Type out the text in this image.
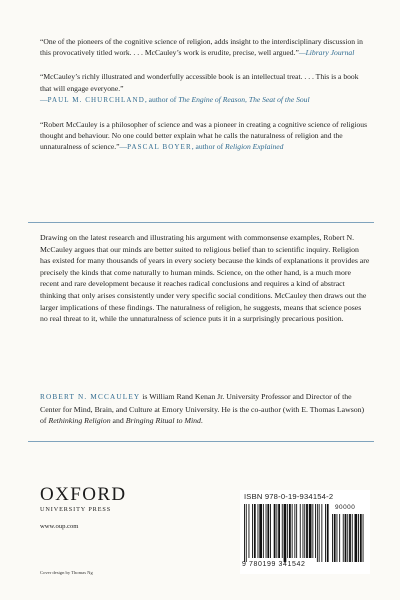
“One of the pioneers of the cognitive science of religion, adds insight to the interdisciplinary discussion in this provocatively titled work. . . . McCauley’s work is erudite, precise, well argued.”—Library Journal

“McCauley’s richly illustrated and wonderfully accessible book is an intellectual treat. . . . This is a book that will engage everyone.”
—PAUL M. CHURCHLAND, author of The Engine of Reason, The Seat of the Soul

“Robert McCauley is a philosopher of science and was a pioneer in creating a cognitive science of religious thought and behaviour. No one could better explain what he calls the naturalness of religion and the unnaturalness of science.”—PASCAL BOYER, author of Religion Explained

Drawing on the latest research and illustrating his argument with commonsense examples, Robert N. McCauley argues that our minds are better suited to religious belief than to scientific inquiry. Religion has existed for many thousands of years in every society because the kinds of explanations it provides are precisely the kinds that come naturally to human minds. Science, on the other hand, is a much more recent and rare development because it reaches radical conclusions and requires a kind of abstract thinking that only arises consistently under very specific social conditions. McCauley then draws out the larger implications of these findings. The naturalness of religion, he suggests, means that science poses no real threat to it, while the unnaturalness of science puts it in a surprisingly precarious position.

ROBERT N. MCCAULEY is William Rand Kenan Jr. University Professor and Director of the Center for Mind, Brain, and Culture at Emory University. He is the co-author (with E. Thomas Lawson) of Rethinking Religion and Bringing Ritual to Mind.

OXFORD
UNIVERSITY PRESS
www.oup.com
Cover design by Thomas Ng
ISBN 978-0-19-934154-2
9 780199 341542
90000
